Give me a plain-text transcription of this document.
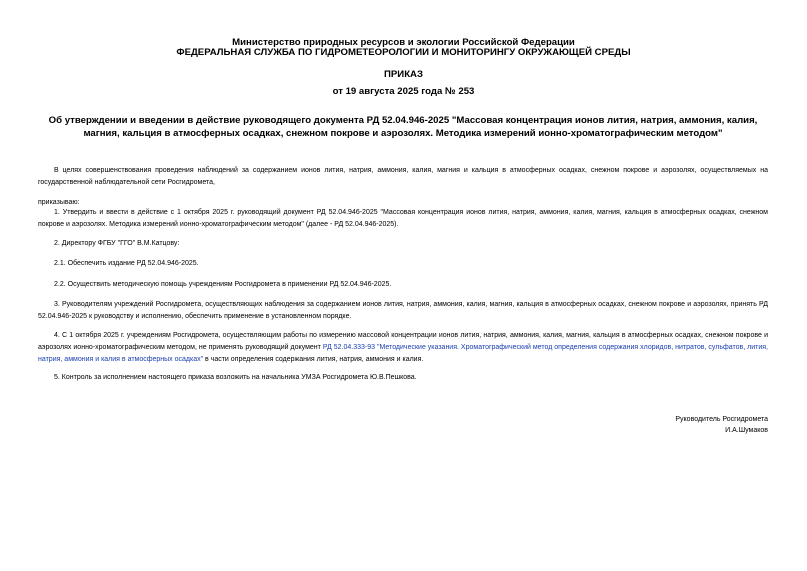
Министерство природных ресурсов и экологии Российской Федерации
ФЕДЕРАЛЬНАЯ СЛУЖБА ПО ГИДРОМЕТЕОРОЛОГИИ И МОНИТОРИНГУ ОКРУЖАЮЩЕЙ СРЕДЫ
ПРИКАЗ
от 19 августа 2025 года № 253
Об утверждении и введении в действие руководящего документа РД 52.04.946-2025 "Массовая концентрация ионов лития, натрия, аммония, калия, магния, кальция в атмосферных осадках, снежном покрове и аэрозолях. Методика измерений ионно-хроматографическим методом"
В целях совершенствования проведения наблюдений за содержанием ионов лития, натрия, аммония, калия, магния и кальция в атмосферных осадках, снежном покрове и аэрозолях, осуществляемых на государственной наблюдательной сети Росгидромета,
приказываю:
1. Утвердить и ввести в действие с 1 октября 2025 г. руководящий документ РД 52.04.946-2025 "Массовая концентрация ионов лития, натрия, аммония, калия, магния, кальция в атмосферных осадках, снежном покрове и аэрозолях. Методика измерений ионно-хроматографическим методом" (далее - РД 52.04.946-2025).
2. Директору ФГБУ "ГГО" В.М.Катцову:
2.1. Обеспечить издание РД 52.04.946-2025.
2.2. Осуществить методическую помощь учреждениям Росгидромета в применении РД 52.04.946-2025.
3. Руководителям учреждений Росгидромета, осуществляющих наблюдения за содержанием ионов лития, натрия, аммония, калия, магния, кальция в атмосферных осадках, снежном покрове и аэрозолях, принять РД 52.04.946-2025 к руководству и исполнению, обеспечить применение в установленном порядке.
4. С 1 октября 2025 г. учреждениям Росгидромета, осуществляющим работы по измерению массовой концентрации ионов лития, натрия, аммония, калия, магния, кальция в атмосферных осадках, снежном покрове и аэрозолях ионно-хроматографическим методом, не применять руководящий документ РД 52.04.333-93 "Методические указания. Хроматографический метод определения содержания хлоридов, нитратов, сульфатов, лития, натрия, аммония и калия в атмосферных осадках" в части определения содержания лития, натрия, аммония и калия.
5. Контроль за исполнением настоящего приказа возложить на начальника УМЗА Росгидромета Ю.В.Пешкова.
Руководитель Росгидромета
И.А.Шумаков
